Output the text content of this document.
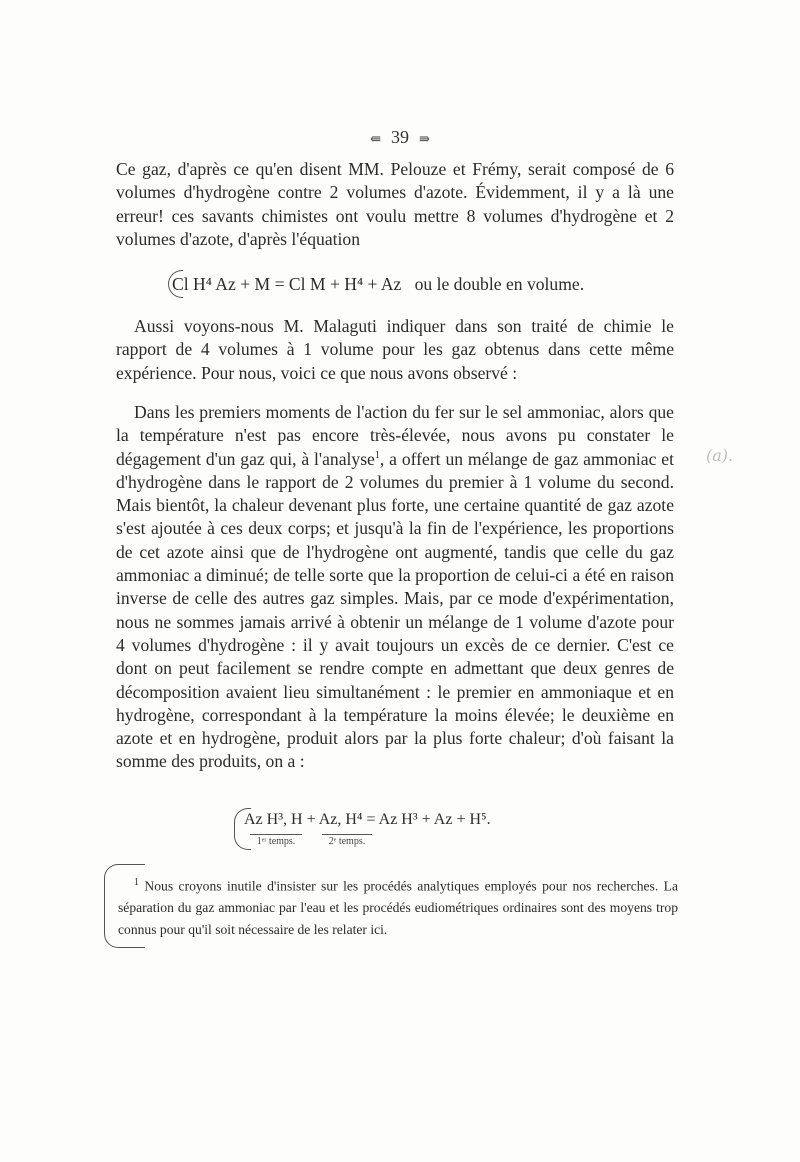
⇚ 39 ⇛
Ce gaz, d'après ce qu'en disent MM. Pelouze et Frémy, serait composé de 6 volumes d'hydrogène contre 2 volumes d'azote. Évidemment, il y a là une erreur! ces savants chimistes ont voulu mettre 8 volumes d'hydrogène et 2 volumes d'azote, d'après l'équation
Cl H⁴ Az + M = Cl M + H⁴ + Az ou le double en volume.
Aussi voyons-nous M. Malaguti indiquer dans son traité de chimie le rapport de 4 volumes à 1 volume pour les gaz obtenus dans cette même expérience. Pour nous, voici ce que nous avons observé :
Dans les premiers moments de l'action du fer sur le sel ammoniac, alors que la température n'est pas encore très-élevée, nous avons pu constater le dégagement d'un gaz qui, à l'analyse$^1$, a offert un mélange de gaz ammoniac et d'hydrogène dans le rapport de 2 volumes du premier à 1 volume du second. Mais bientôt, la chaleur devenant plus forte, une certaine quantité de gaz azote s'est ajoutée à ces deux corps; et jusqu'à la fin de l'expérience, les proportions de cet azote ainsi que de l'hydrogène ont augmenté, tandis que celle du gaz ammoniac a diminué; de telle sorte que la proportion de celui-ci a été en raison inverse de celle des autres gaz simples. Mais, par ce mode d'expérimentation, nous ne sommes jamais arrivé à obtenir un mélange de 1 volume d'azote pour 4 volumes d'hydrogène : il y avait toujours un excès de ce dernier. C'est ce dont on peut facilement se rendre compte en admettant que deux genres de décomposition avaient lieu simultanément : le premier en ammoniaque et en hydrogène, correspondant à la température la moins élevée; le deuxième en azote et en hydrogène, produit alors par la plus forte chaleur; d'où faisant la somme des produits, on a :
(a).
Az H³, H + Az, H⁴ = Az H³ + Az + H⁵.
1ᵉʳ temps.	2ᵉ temps.
$^1$ Nous croyons inutile d'insister sur les procédés analytiques employés pour nos recherches. La séparation du gaz ammoniac par l'eau et les procédés eudiométriques ordinaires sont des moyens trop connus pour qu'il soit nécessaire de les relater ici.
